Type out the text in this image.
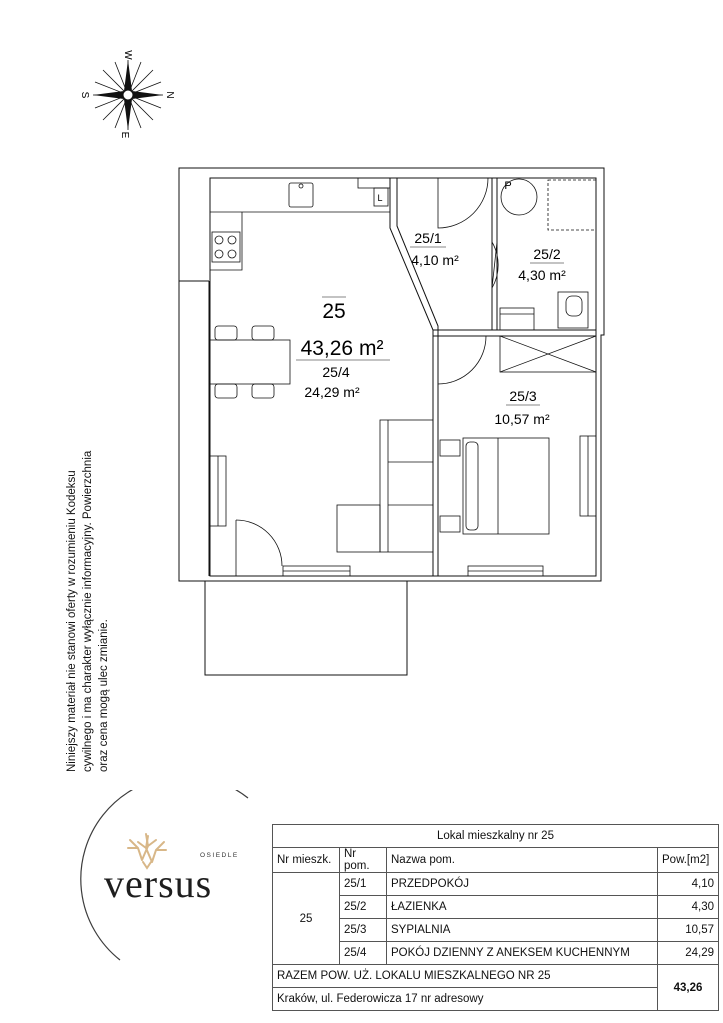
W
S	N
E
L
P
25
43,26 m²
25/4
24,29 m²
25/1
4,10 m²	25/2
4,30 m²
25/3
10,57 m²
Niniejszy materiał nie stanowi oferty w rozumieniu Kodeksu cywilnego i ma charakter wyłącznie informacyjny. Powierzchnia oraz cena mogą ulec zmianie.
OSIEDLE
versus
Lokal mieszkalny nr 25			
Nr mieszk.	Nr pom.	Nazwa pom.	Pow.[m2]
25	25/1	PRZEDPOKÓJ	4,10
	25/2	ŁAZIENKA	4,30
	25/3	SYPIALNIA	10,57
	25/4	POKÓJ DZIENNY Z ANEKSEM KUCHENNYM	24,29
RAZEM POW. UŻ. LOKALU MIESZKALNEGO NR 25			43,26
Kraków, ul. Federowicza 17 nr adresowy			
